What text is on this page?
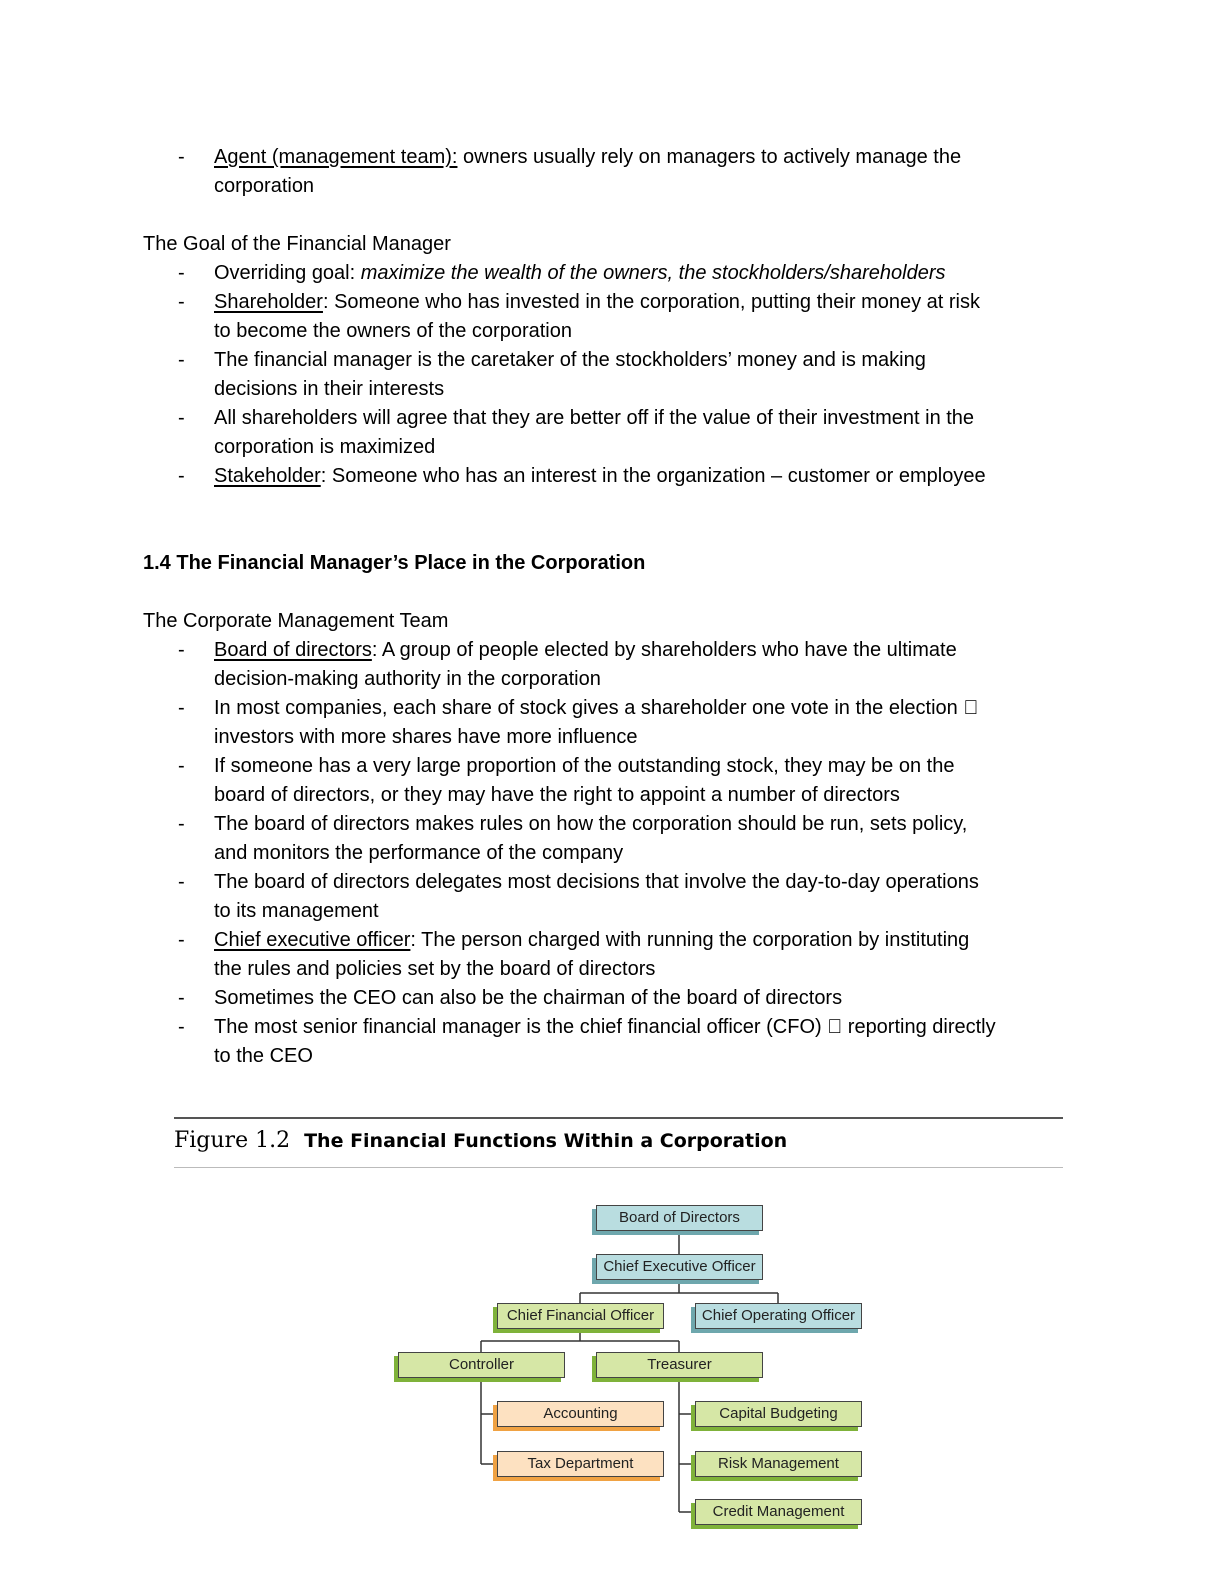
- Agent (management team): owners usually rely on managers to actively manage the
corporation
The Goal of the Financial Manager
- Overriding goal: maximize the wealth of the owners, the stockholders/shareholders
- Shareholder: Someone who has invested in the corporation, putting their money at risk
to become the owners of the corporation
- The financial manager is the caretaker of the stockholders’ money and is making
decisions in their interests
- All shareholders will agree that they are better off if the value of their investment in the
corporation is maximized
- Stakeholder: Someone who has an interest in the organization – customer or employee
1.4 The Financial Manager’s Place in the Corporation
The Corporate Management Team
- Board of directors: A group of people elected by shareholders who have the ultimate
decision-making authority in the corporation
- In most companies, each share of stock gives a shareholder one vote in the election
investors with more shares have more influence
- If someone has a very large proportion of the outstanding stock, they may be on the
board of directors, or they may have the right to appoint a number of directors
- The board of directors makes rules on how the corporation should be run, sets policy,
and monitors the performance of the company
- The board of directors delegates most decisions that involve the day-to-day operations
to its management
- Chief executive officer: The person charged with running the corporation by instituting
the rules and policies set by the board of directors
- Sometimes the CEO can also be the chairman of the board of directors
- The most senior financial manager is the chief financial officer (CFO) reporting directly
to the CEO
Figure 1.2 The Financial Functions Within a Corporation
Board of Directors
Chief Executive Officer
Chief Financial Officer	Chief Operating Officer
Controller	Treasurer
Accounting
Tax Department
Capital Budgeting
Risk Management
Credit Management
